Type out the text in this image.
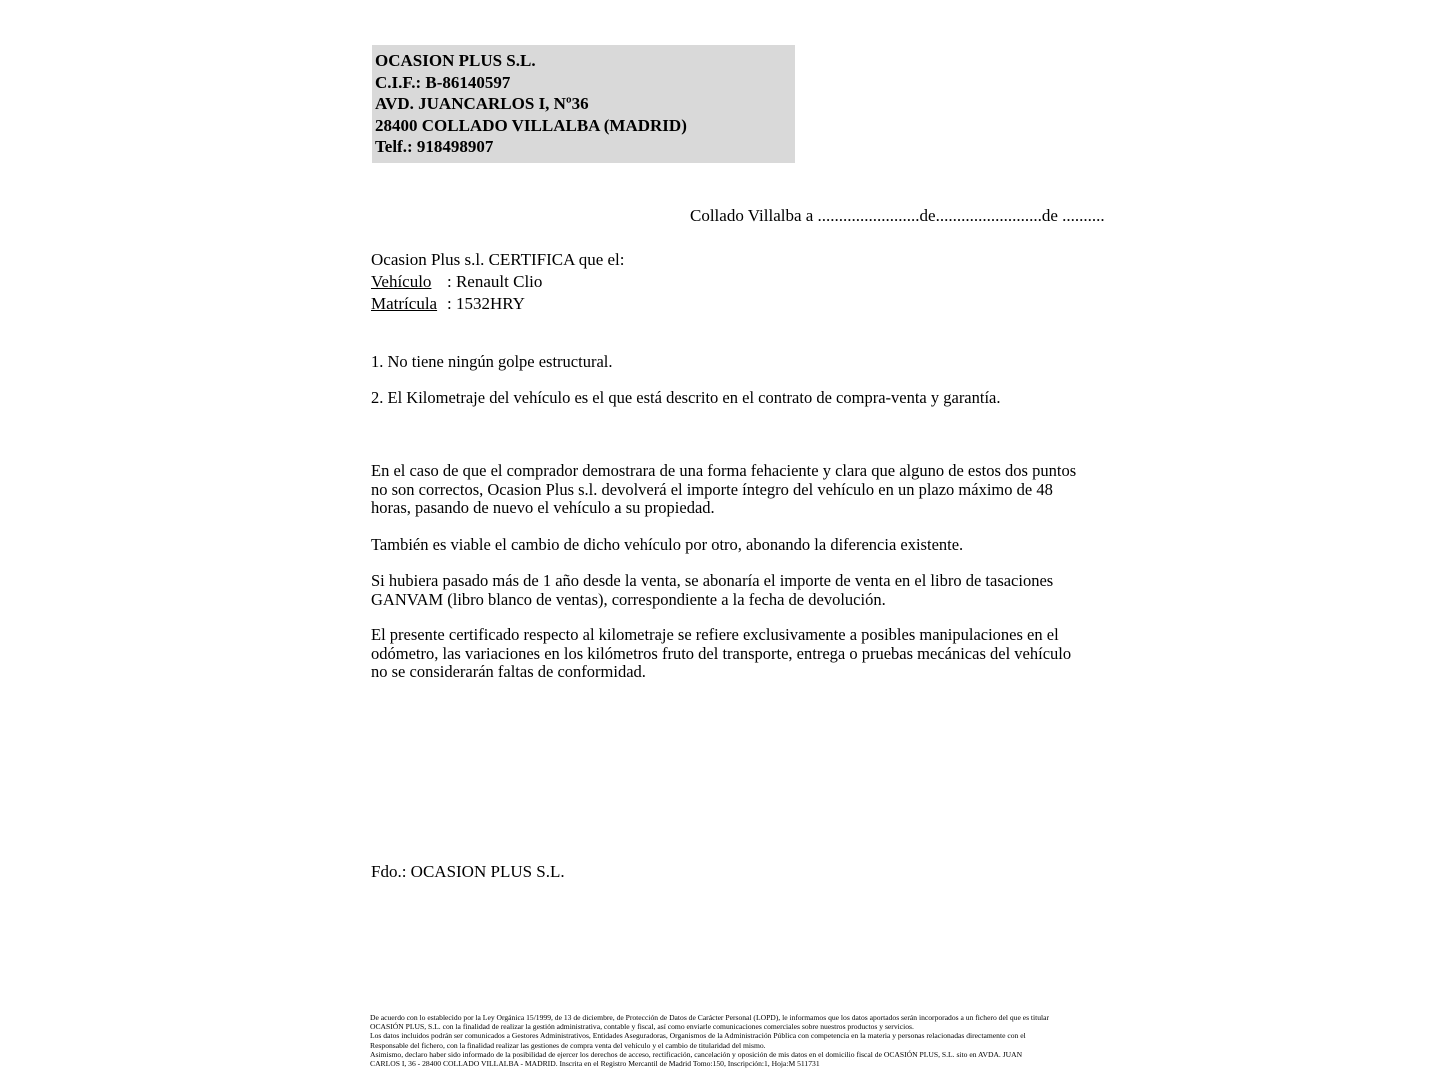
OCASION PLUS S.L.
C.I.F.: B-86140597
AVD. JUANCARLOS I, Nº36
28400 COLLADO VILLALBA (MADRID)
Telf.: 918498907
Collado Villalba a ........................de.........................de ..........
Ocasion Plus s.l. CERTIFICA que el:
Vehículo : Renault Clio
Matrícula : 1532HRY
1. No tiene ningún golpe estructural.
2. El Kilometraje del vehículo es el que está descrito en el contrato de compra-venta y garantía.
En el caso de que el comprador demostrara de una forma fehaciente y clara que alguno de estos dos puntos no son correctos, Ocasion Plus s.l. devolverá el importe íntegro del vehículo en un plazo máximo de 48 horas, pasando de nuevo el vehículo a su propiedad.
También es viable el cambio de dicho vehículo por otro, abonando la diferencia existente.
Si hubiera pasado más de 1 año desde la venta, se abonaría el importe de venta en el libro de tasaciones GANVAM (libro blanco de ventas), correspondiente a la fecha de devolución.
El presente certificado respecto al kilometraje se refiere exclusivamente a posibles manipulaciones en el odómetro, las variaciones en los kilómetros fruto del transporte, entrega o pruebas mecánicas del vehículo no se considerarán faltas de conformidad.
Fdo.: OCASION PLUS S.L.
De acuerdo con lo establecido por la Ley Orgánica 15/1999, de 13 de diciembre, de Protección de Datos de Carácter Personal (LOPD), le informamos que los datos aportados serán incorporados a un fichero del que es titular
OCASIÓN PLUS, S.L. con la finalidad de realizar la gestión administrativa, contable y fiscal, así como enviarle comunicaciones comerciales sobre nuestros productos y servicios.
Los datos incluidos podrán ser comunicados a Gestores Administrativos, Entidades Aseguradoras, Organismos de la Administración Pública con competencia en la materia y personas relacionadas directamente con el
Responsable del fichero, con la finalidad realizar las gestiones de compra venta del vehículo y el cambio de titularidad del mismo.
Asimismo, declaro haber sido informado de la posibilidad de ejercer los derechos de acceso, rectificación, cancelación y oposición de mis datos en el domicilio fiscal de OCASIÓN PLUS, S.L. sito en AVDA. JUAN
CARLOS I, 36 - 28400 COLLADO VILLALBA - MADRID. Inscrita en el Registro Mercantil de Madrid Tomo:150, Inscripción:1, Hoja:M 511731
